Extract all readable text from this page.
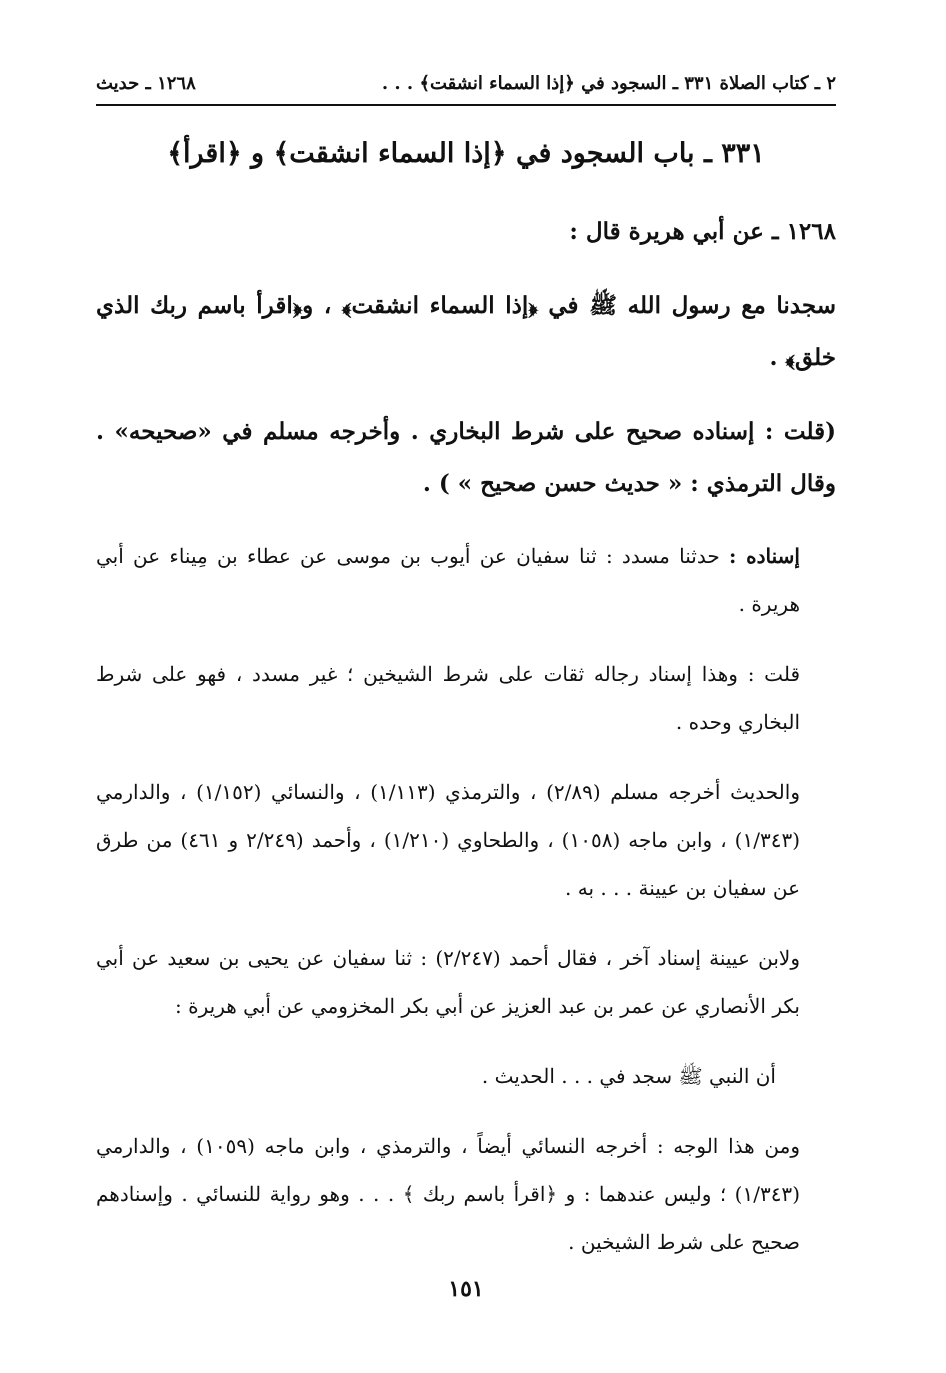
٢ ـ كتاب الصلاة ٣٣١ ـ السجود في ﴿إذا السماء انشقت﴾ . . .
١٢٦٨ ـ حديث
٣٣١ ـ باب السجود في ﴿إذا السماء انشقت﴾ و ﴿اقرأ﴾

١٢٦٨ ـ عن أبي هريرة قال :

سجدنا مع رسول الله ﷺ في ﴿إذا السماء انشقت﴾ ، و﴿اقرأ باسم ربك الذي خلق﴾ .

(قلت : إسناده صحيح على شرط البخاري . وأخرجه مسلم في «صحيحه» . وقال الترمذي : « حديث حسن صحيح » ) .

إسناده : حدثنا مسدد : ثنا سفيان عن أيوب بن موسى عن عطاء بن مِيناء عن أبي هريرة .

قلت : وهذا إسناد رجاله ثقات على شرط الشيخين ؛ غير مسدد ، فهو على شرط البخاري وحده .

والحديث أخرجه مسلم (٢/٨٩) ، والترمذي (١/١١٣) ، والنسائي (١/١٥٢) ، والدارمي (١/٣٤٣) ، وابن ماجه (١٠٥٨) ، والطحاوي (١/٢١٠) ، وأحمد (٢/٢٤٩ و ٤٦١) من طرق عن سفيان بن عيينة . . . به .

ولابن عيينة إسناد آخر ، فقال أحمد (٢/٢٤٧) : ثنا سفيان عن يحيى بن سعيد عن أبي بكر الأنصاري عن عمر بن عبد العزيز عن أبي بكر المخزومي عن أبي هريرة :

أن النبي ﷺ سجد في . . . الحديث .

ومن هذا الوجه : أخرجه النسائي أيضاً ، والترمذي ، وابن ماجه (١٠٥٩) ، والدارمي (١/٣٤٣) ؛ وليس عندهما : و ﴿اقرأ باسم ربك ﴾ . . . وهو رواية للنسائي . وإسنادهم صحيح على شرط الشيخين .

١٥١
